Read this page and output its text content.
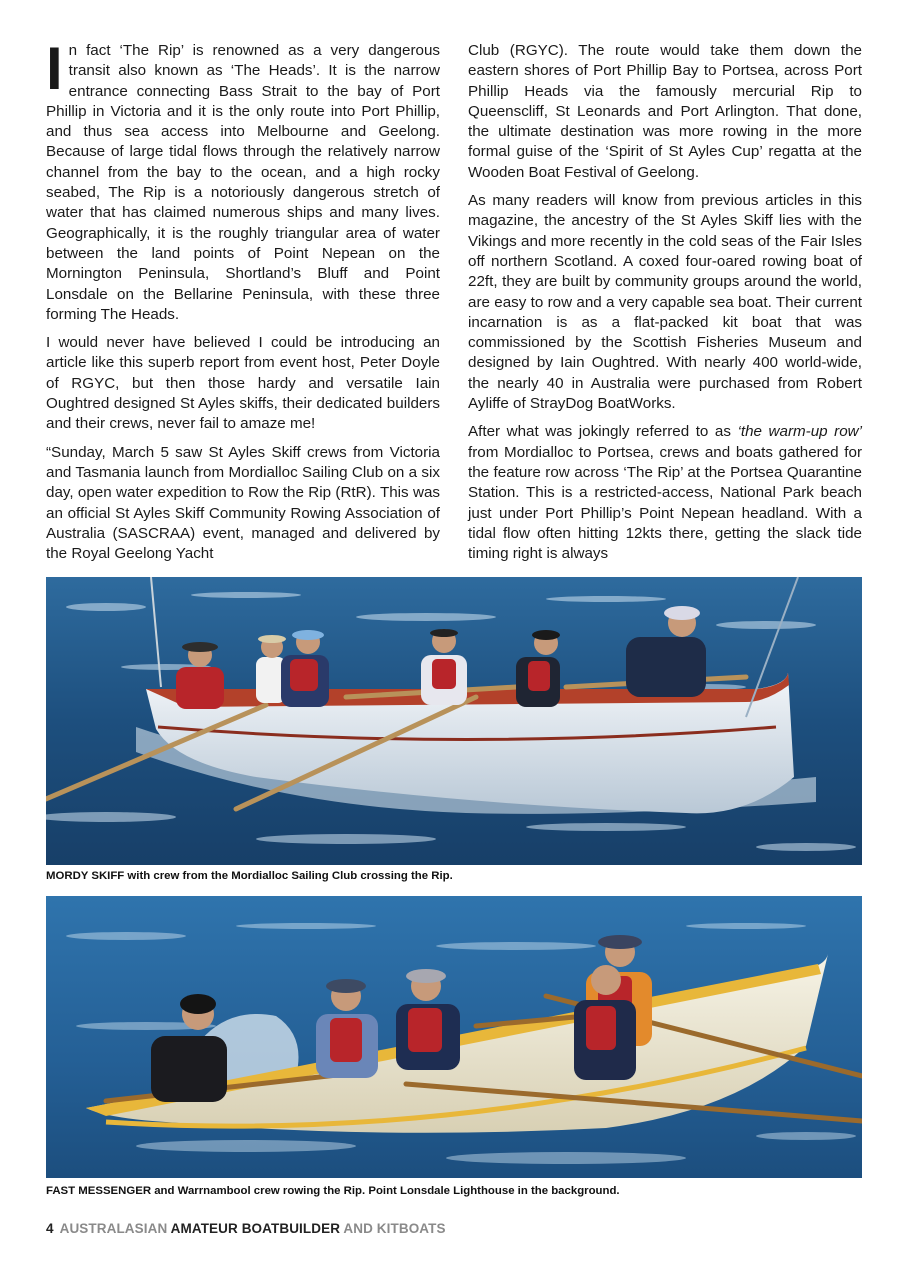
In fact ‘The Rip’ is renowned as a very dangerous transit also known as ‘The Heads’. It is the narrow entrance connecting Bass Strait to the bay of Port Phillip in Victoria and it is the only route into Port Phillip, and thus sea access into Melbourne and Geelong. Because of large tidal flows through the relatively narrow channel from the bay to the ocean, and a high rocky seabed, The Rip is a notoriously dangerous stretch of water that has claimed numerous ships and many lives. Geographically, it is the roughly triangular area of water between the land points of Point Nepean on the Mornington Peninsula, Shortland’s Bluff and Point Lonsdale on the Bellarine Peninsula, with these three forming The Heads.

I would never have believed I could be introducing an article like this superb report from event host, Peter Doyle of RGYC, but then those hardy and versatile Iain Oughtred designed St Ayles skiffs, their dedicated builders and their crews, never fail to amaze me!

“Sunday, March 5 saw St Ayles Skiff crews from Victoria and Tasmania launch from Mordialloc Sailing Club on a six day, open water expedition to Row the Rip (RtR). This was an official St Ayles Skiff Community Rowing Association of Australia (SASCRAA) event, managed and delivered by the Royal Geelong Yacht

Club (RGYC). The route would take them down the eastern shores of Port Phillip Bay to Portsea, across Port Phillip Heads via the famously mercurial Rip to Queenscliff, St Leonards and Port Arlington. That done, the ultimate destination was more rowing in the more formal guise of the ‘Spirit of St Ayles Cup’ regatta at the Wooden Boat Festival of Geelong.

As many readers will know from previous articles in this magazine, the ancestry of the St Ayles Skiff lies with the Vikings and more recently in the cold seas of the Fair Isles off northern Scotland. A coxed four-oared rowing boat of 22ft, they are built by community groups around the world, are easy to row and a very capable sea boat. Their current incarnation is as a flat-packed kit boat that was commissioned by the Scottish Fisheries Museum and designed by Iain Oughtred. With nearly 400 world-wide, the nearly 40 in Australia were purchased from Robert Ayliffe of StrayDog BoatWorks.

After what was jokingly referred to as ‘the warm-up row’ from Mordialloc to Portsea, crews and boats gathered for the feature row across ‘The Rip’ at the Portsea Quarantine Station. This is a restricted-access, National Park beach just under Port Phillip’s Point Nepean headland. With a tidal flow often hitting 12kts there, getting the slack tide timing right is always

MORDY SKIFF with crew from the Mordialloc Sailing Club crossing the Rip.
FAST MESSENGER and Warrnambool crew rowing the Rip. Point Lonsdale Lighthouse in the background.
4 AUSTRALASIAN AMATEUR BOATBUILDER AND KITBOATS
